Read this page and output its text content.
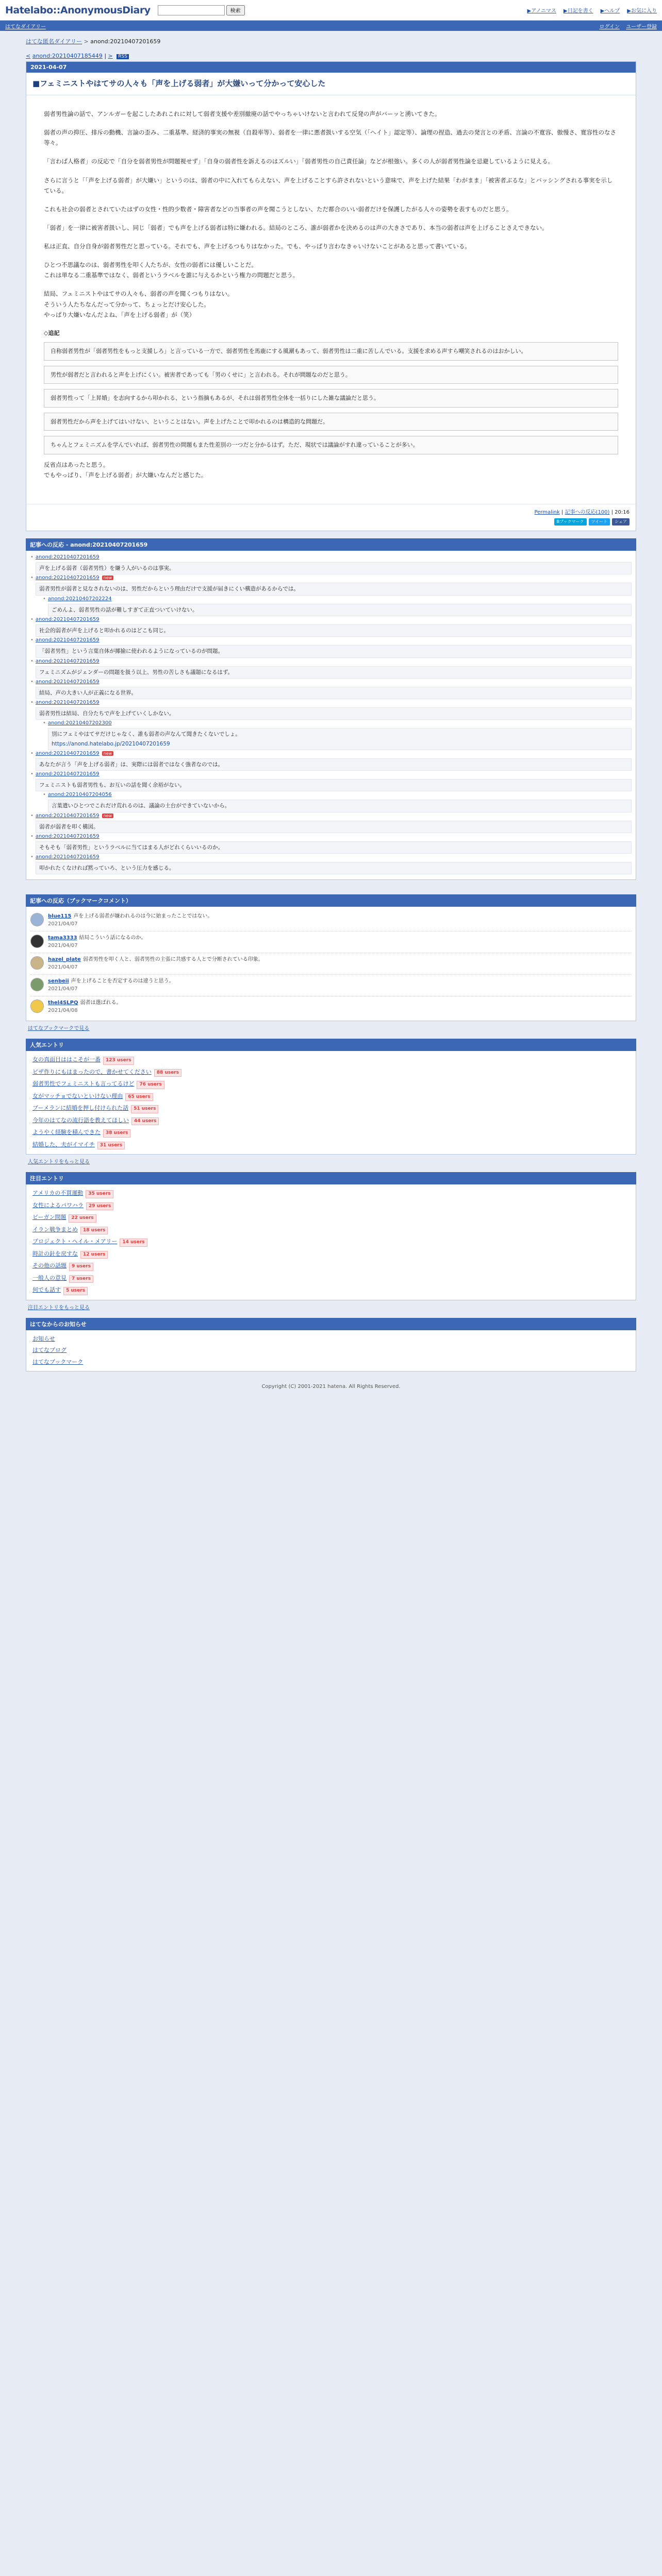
Hatelabo::AnonymousDiary	検索	▶アノニマス ▶日記を書く ▶ヘルプ ▶お気に入り
はてなダイアリー	ログイン ユーザー登録
はてな匿名ダイアリー > anond:20210407201659
< anond:20210407185449 | > RSS
2021-04-07
■フェミニストやはてサの人々も「声を上げる弱者」が大嫌いって分かって安心した

弱者男性論の話で、アンルガーを起こしたあれこれに対して弱者支援や差別撤廃の話でやっちゃいけないと言われて反発の声がバーッと湧いてきた。

弱者の声の抑圧、排斥の動機、言論の歪み、二重基準、経済的事実の無視（自殺率等）、弱者を一律に悪者扱いする空気（「ヘイト」認定等）、論理の捏造、過去の発言との矛盾、言論の不寛容、傲慢さ、寛容性のなさ等々。

「言わば人格者」の反応で「自分を弱者男性が問題視せず」「自身の弱者性を訴えるのはズルい」「弱者男性の自己責任論」などが根強い。多くの人が弱者男性論を忌避しているように見える。

さらに言うと「「声を上げる弱者」が大嫌い」というのは、弱者の中に入れてもらえない、声を上げることすら許されないという意味で、声を上げた結果「わがまま」「被害者ぶるな」とバッシングされる事実を示している。

これも社会の弱者とされていたはずの女性・性的少数者・障害者などの当事者の声を聞こうとしない、ただ都合のいい弱者だけを保護したがる人々の姿勢を表すものだと思う。

「弱者」を一律に被害者扱いし、同じ「弱者」でも声を上げる弱者は特に嫌われる。結局のところ、誰が弱者かを決めるのは声の大きさであり、本当の弱者は声を上げることさえできない。

私は正直、自分自身が弱者男性だと思っている。それでも、声を上げるつもりはなかった。でも、やっぱり言わなきゃいけないことがあると思って書いている。

ひとつ不思議なのは、弱者男性を叩く人たちが、女性の弱者には優しいことだ。

これは単なる二重基準ではなく、弱者というラベルを誰に与えるかという権力の問題だと思う。

結局、フェミニストやはてサの人々も、弱者の声を聞くつもりはない。

そういう人たちなんだって分かって、ちょっとだけ安心した。

やっぱり大嫌いなんだよね、「声を上げる弱者」が（笑）

◇追記
自称弱者男性が「弱者男性をもっと支援しろ」と言っている一方で、弱者男性を馬鹿にする風潮もあって、弱者男性は二重に苦しんでいる。支援を求める声すら嘲笑されるのはおかしい。
男性が弱者だと言われると声を上げにくい。被害者であっても「男のくせに」と言われる。それが問題なのだと思う。
弱者男性って「上昇婚」を志向するから叩かれる、という指摘もあるが、それは弱者男性全体を一括りにした雑な議論だと思う。
弱者男性だから声を上げてはいけない、ということはない。声を上げたことで叩かれるのは構造的な問題だ。
ちゃんとフェミニズムを学んでいれば、弱者男性の問題もまた性差別の一つだと分かるはず。ただ、現状では議論がすれ違っていることが多い。

反省点はあったと思う。

でもやっぱり、「声を上げる弱者」が大嫌いなんだと感じた。

Permalink | 記事への反応(100) | 20:16
Bブックマーク	ツイート	シェア
記事への反応 - anond:20210407201659
• anond:20210407201659
声を上げる弱者（弱者男性）を嫌う人がいるのは事実。
• anond:20210407201659 new
弱者男性が弱者と見なされないのは、男性だからという理由だけで支援が届きにくい構造があるからでは。
• anond:20210407202224
ごめんよ、弱者男性の話が難しすぎて正直ついていけない。
• anond:20210407201659
社会的弱者が声を上げると叩かれるのはどこも同じ。
• anond:20210407201659
「弱者男性」という言葉自体が揶揄に使われるようになっているのが問題。
• anond:20210407201659
フェミニズムがジェンダーの問題を扱う以上、男性の苦しさも議題になるはず。
• anond:20210407201659
結局、声の大きい人が正義になる世界。
• anond:20210407201659
弱者男性は結局、自分たちで声を上げていくしかない。
• anond:20210407202300
別にフェミやはてサだけじゃなく、誰も弱者の声なんて聞きたくないでしょ。
https://anond.hatelabo.jp/20210407201659
• anond:20210407201659 new
あなたが言う「声を上げる弱者」は、実際には弱者ではなく強者なのでは。
• anond:20210407201659
フェミニストも弱者男性も、お互いの話を聞く余裕がない。
• anond:20210407204056
言葉遣いひとつでこれだけ荒れるのは、議論の土台ができていないから。
• anond:20210407201659 new
弱者が弱者を叩く構図。
• anond:20210407201659
そもそも「弱者男性」というラベルに当てはまる人がどれくらいいるのか。
• anond:20210407201659
叩かれたくなければ黙っていろ、という圧力を感じる。
記事への反応（ブックマークコメント）
blue115 声を上げる弱者が嫌われるのは今に始まったことではない。
2021/04/07
tama3333 結局こういう話になるのか。
2021/04/07
hazel_plate 弱者男性を叩く人と、弱者男性の主張に共感する人とで分断されている印象。
2021/04/07
senbeii 声を上げることを否定するのは違うと思う。
2021/04/07
thel4SLPQ 弱者は選ばれる。
2021/04/08
はてなブックマークで見る
人気エントリ
女の真面目ははこそが一番 123 users
ピザ作りにもはまったので、書かせてください 88 users
弱者男性でフェミニストも言ってるけど 76 users
女がマッチョでないといけない理由 65 users
ブーメランに結婚を押し付けられた話 51 users
今年のはてなの流行語を教えてほしい 44 users
ようやく経験を積んできた 38 users
結婚した、夫がイマイチ 31 users
人気エントリをもっと見る
注目エントリ
アメリカの不買運動 35 users
女性によるパワハラ 29 users
ビーガン問題 22 users
イラン戦争まとめ 18 users
プロジェクト・ヘイル・メアリー 14 users
時計の針を戻すな 12 users
その他の話題 9 users
一般人の意見 7 users
何でも話す 5 users
注目エントリをもっと見る
はてなからのお知らせ
お知らせ
はてなブログ
はてなブックマーク
Copyright (C) 2001-2021 hatena. All Rights Reserved.
